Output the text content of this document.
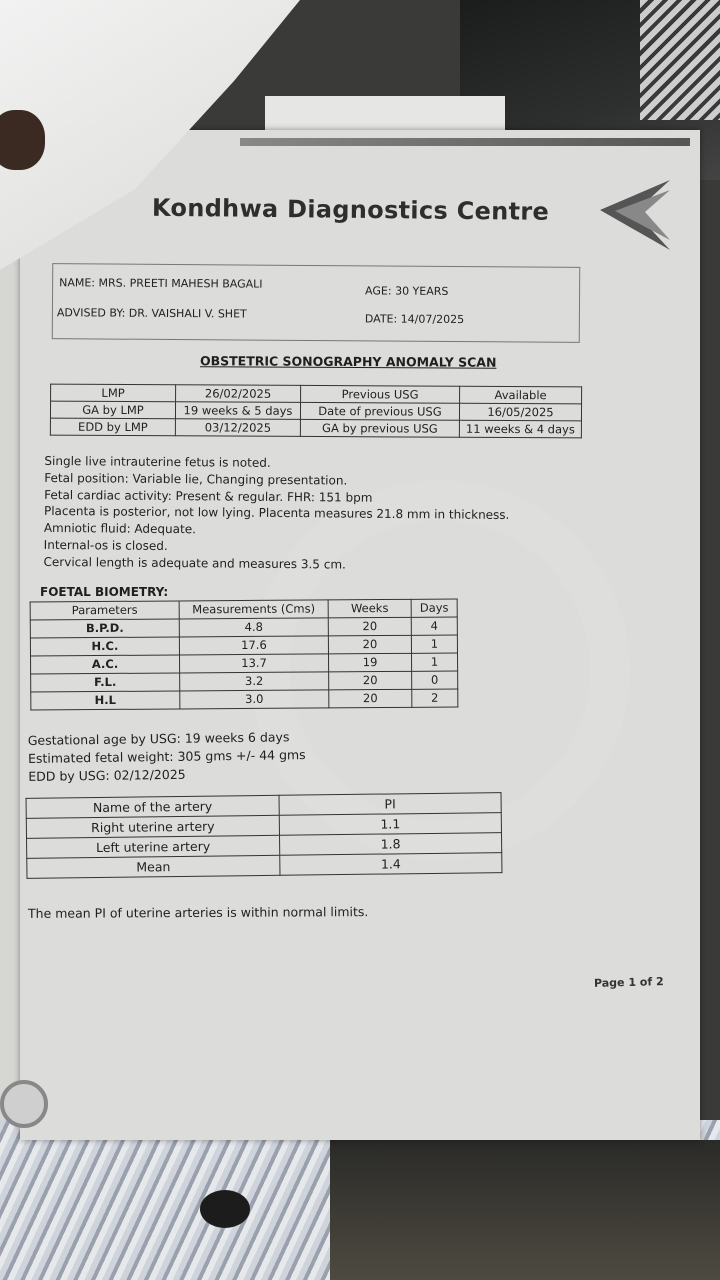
Kondhwa Diagnostics Centre
NAME: MRS. PREETI MAHESH BAGALI
AGE: 30 YEARS
ADVISED BY: DR. VAISHALI V. SHET	DATE: 14/07/2025
OBSTETRIC SONOGRAPHY ANOMALY SCAN
LMP	26/02/2025	Previous USG	Available
GA by LMP	19 weeks & 5 days	Date of previous USG	16/05/2025
EDD by LMP	03/12/2025	GA by previous USG	11 weeks & 4 days
Single live intrauterine fetus is noted.
Fetal position: Variable lie, Changing presentation.
Fetal cardiac activity: Present & regular. FHR: 151 bpm
Placenta is posterior, not low lying. Placenta measures 21.8 mm in thickness.
Amniotic fluid: Adequate.
Internal-os is closed.
Cervical length is adequate and measures 3.5 cm.
FOETAL BIOMETRY:
Parameters	Measurements (Cms)	Weeks	Days
B.P.D.	4.8	20	4
H.C.	17.6	20	1
A.C.	13.7	19	1
F.L.	3.2	20	0
H.L	3.0	20	2
Gestational age by USG: 19 weeks 6 days
Estimated fetal weight: 305 gms +/- 44 gms
EDD by USG: 02/12/2025
Name of the artery	PI
Right uterine artery	1.1
Left uterine artery	1.8
Mean	1.4
The mean PI of uterine arteries is within normal limits.
Page 1 of 2
